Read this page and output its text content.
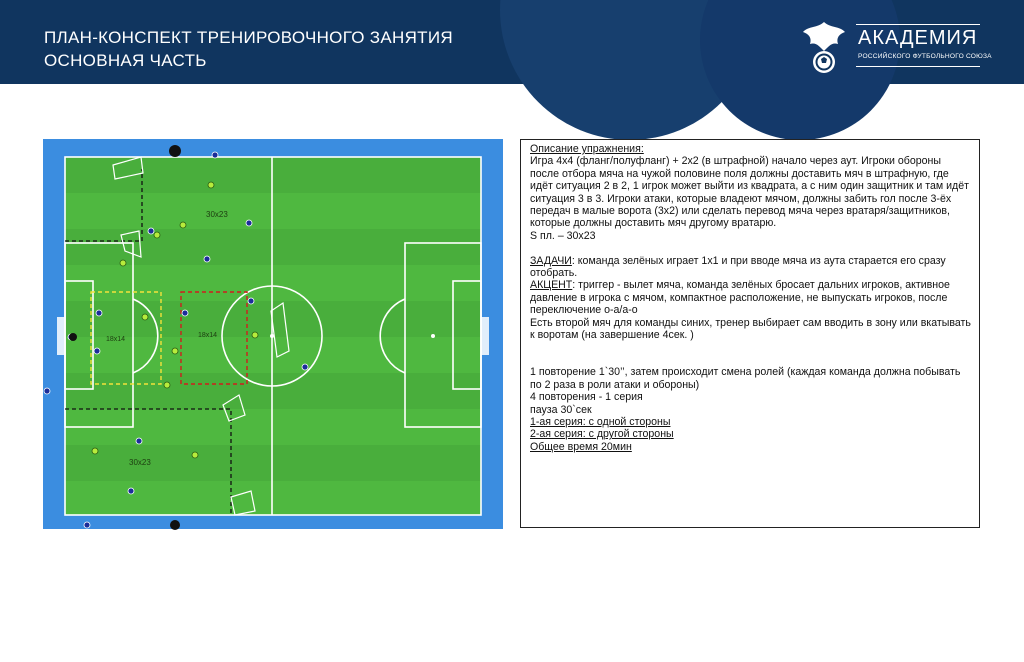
ПЛАН-КОНСПЕКТ ТРЕНИРОВОЧНОГО ЗАНЯТИЯ
ОСНОВНАЯ ЧАСТЬ
АКАДЕМИЯ
РОССИЙСКОГО ФУТБОЛЬНОГО СОЮЗА
30x23
30x23
18x14
18x14
Создать пользователя SoccerTutor.com Tactics Manager

Описание упражнения:

Игра 4х4 (фланг/полуфланг) + 2х2 (в штрафной) начало через аут. Игроки обороны после отбора мяча на чужой половине поля должны доставить мяч в штрафную, где идёт ситуация 2 в 2, 1 игрок может выйти из квадрата, а с ним один защитник и там идёт ситуация 3 в 3. Игроки атаки, которые владеют мячом, должны забить гол после 3-ёх передач в малые ворота (3х2) или сделать перевод мяча через вратаря/защитников, которые должны доставить мяч другому вратарю.

S пл. – 30х23

ЗАДАЧИ: команда зелёных играет 1х1 и при вводе мяча из аута старается его сразу отобрать.

АКЦЕНТ: триггер - вылет мяча, команда зелёных бросает дальних игроков, активное давление в игрока с мячом, компактное расположение, не выпускать игроков, после переключение о-а/а-о

Есть второй мяч для команды синих, тренер выбирает сам вводить в зону или вкатывать к воротам (на завершение 4сек. )

1 повторение 1`30’’, затем происходит смена ролей (каждая команда должна побывать по 2 раза в роли атаки и обороны)

4 повторения - 1 серия

пауза 30`сек

1-ая серия: с одной стороны

2-ая серия: с другой стороны

Общее время 20мин
